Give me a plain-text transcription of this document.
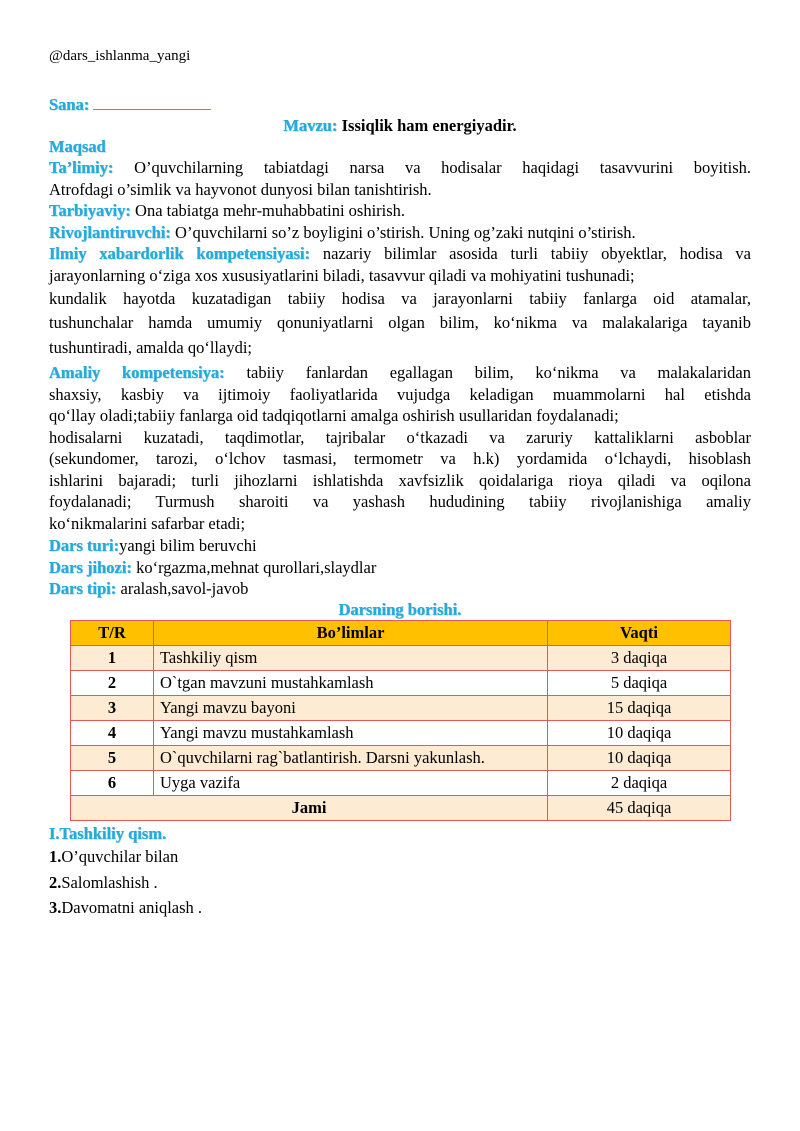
@dars_ishlanma_yangi
Sana:
Mavzu: Issiqlik ham energiyadir.
Maqsad
Ta’limiy: O’quvchilarning tabiatdagi narsa va hodisalar haqidagi tasavvurini boyitish.
Atrofdagi o’simlik va hayvonot dunyosi bilan tanishtirish.
Tarbiyaviy: Ona tabiatga mehr-muhabbatini oshirish.
Rivojlantiruvchi: O’quvchilarni so’z boyligini o’stirish. Uning og’zaki nutqini o’stirish.
Ilmiy xabardorlik kompetensiyasi: nazariy bilimlar asosida turli tabiiy obyektlar, hodisa va
jarayonlarning o‘ziga xos xususiyatlarini biladi, tasavvur qiladi va mohiyatini tushunadi;
kundalik hayotda kuzatadigan tabiiy hodisa va jarayonlarni tabiiy fanlarga oid atamalar,
tushunchalar hamda umumiy qonuniyatlarni olgan bilim, ko‘nikma va malakalariga tayanib
tushuntiradi, amalda qo‘llaydi;
Amaliy kompetensiya: tabiiy fanlardan egallagan bilim, ko‘nikma va malakalaridan
shaxsiy, kasbiy va ijtimoiy faoliyatlarida vujudga keladigan muammolarni hal etishda
qo‘llay oladi;tabiiy fanlarga oid tadqiqotlarni amalga oshirish usullaridan foydalanadi;
hodisalarni kuzatadi, taqdimotlar, tajribalar o‘tkazadi va zaruriy kattaliklarni asboblar
(sekundomer, tarozi, o‘lchov tasmasi, termometr va h.k) yordamida o‘lchaydi, hisoblash
ishlarini bajaradi; turli jihozlarni ishlatishda xavfsizlik qoidalariga rioya qiladi va oqilona
foydalanadi; Turmush sharoiti va yashash hududining tabiiy rivojlanishiga amaliy
ko‘nikmalarini safarbar etadi;
Dars turi:yangi bilim beruvchi
Dars jihozi: ko‘rgazma,mehnat qurollari,slaydlar
Dars tipi: aralash,savol-javob
Darsning borishi.
T/R	Bo’limlar	Vaqti
1	Tashkiliy qism	3 daqiqa
2	O`tgan mavzuni mustahkamlash	5 daqiqa
3	Yangi mavzu bayoni	15 daqiqa
4	Yangi mavzu mustahkamlash	10 daqiqa
5	O`quvchilarni rag`batlantirish. Darsni yakunlash.	10 daqiqa
6	Uyga vazifa	2 daqiqa
Jami		45 daqiqa
I.Tashkiliy qism.
1.O’quvchilar bilan
2.Salomlashish .
3.Davomatni aniqlash .
